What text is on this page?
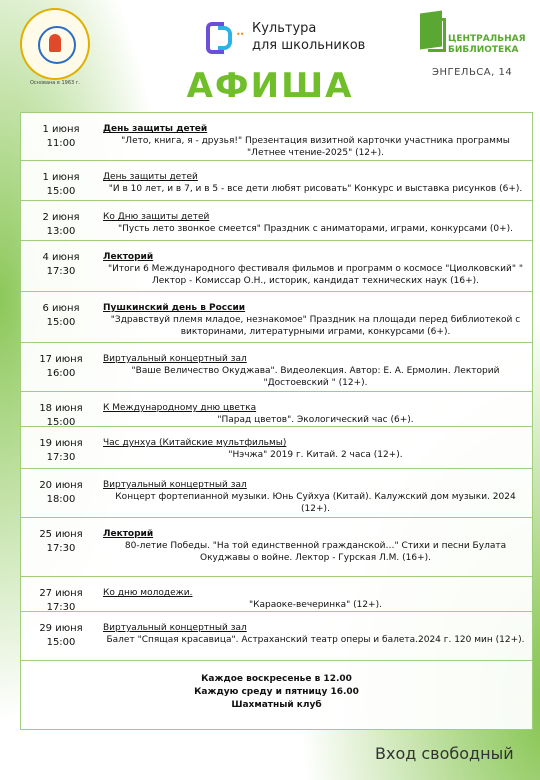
Основана в 1963 г.
•• Культура
для школьников	ЦЕНТРАЛЬНАЯ
БИБЛИОТЕКА
ЭНГЕЛЬСА, 14
АФИША
1 июня
11:00
День защиты детей
"Лето, книга, я - друзья!" Презентация визитной карточки участника программы "Летнее чтение-2025" (12+).
1 июня
15:00
День защиты детей
"И в 10 лет, и в 7, и в 5 - все дети любят рисовать" Конкурс и выставка рисунков (6+).
2 июня
13:00
Ко Дню защиты детей
"Пусть лето звонкое смеется" Праздник с аниматорами, играми, конкурсами (0+).
4 июня
17:30
Лекторий
"Итоги 6 Международного фестиваля фильмов и программ о космосе "Циолковский" " Лектор - Комиссар О.Н., историк, кандидат технических наук (16+).
6 июня
15:00
Пушкинский день в России
"Здравствуй племя младое, незнакомое" Праздник на площади перед библиотекой с викторинами, литературными играми, конкурсами (6+).
17 июня
16:00
Виртуальный концертный зал
"Ваше Величество Окуджава". Видеолекция. Автор: Е. А. Ермолин. Лекторий "Достоевский " (12+).
18 июня
15:00
К Международному дню цветка
"Парад цветов". Экологический час (6+).
19 июня
17:30
Час дунхуа (Китайские мультфильмы)
"Нэчжа" 2019 г. Китай. 2 часа (12+).
20 июня
18:00
Виртуальный концертный зал
Концерт фортепианной музыки. Юнь Суйхуа (Китай). Калужский дом музыки. 2024 (12+).
25 июня
17:30
Лекторий
80-летие Победы. "На той единственной гражданской…" Стихи и песни Булата Окуджавы о войне. Лектор - Гурская Л.М. (16+).
27 июня
17:30
Ко дню молодежи.
"Караоке-вечеринка" (12+).
29 июня
15:00
Виртуальный концертный зал
Балет "Спящая красавица". Астраханский театр оперы и балета.2024 г. 120 мин (12+).
Каждое воскресенье в 12.00
Каждую среду и пятницу 16.00
Шахматный клуб
Вход свободный
